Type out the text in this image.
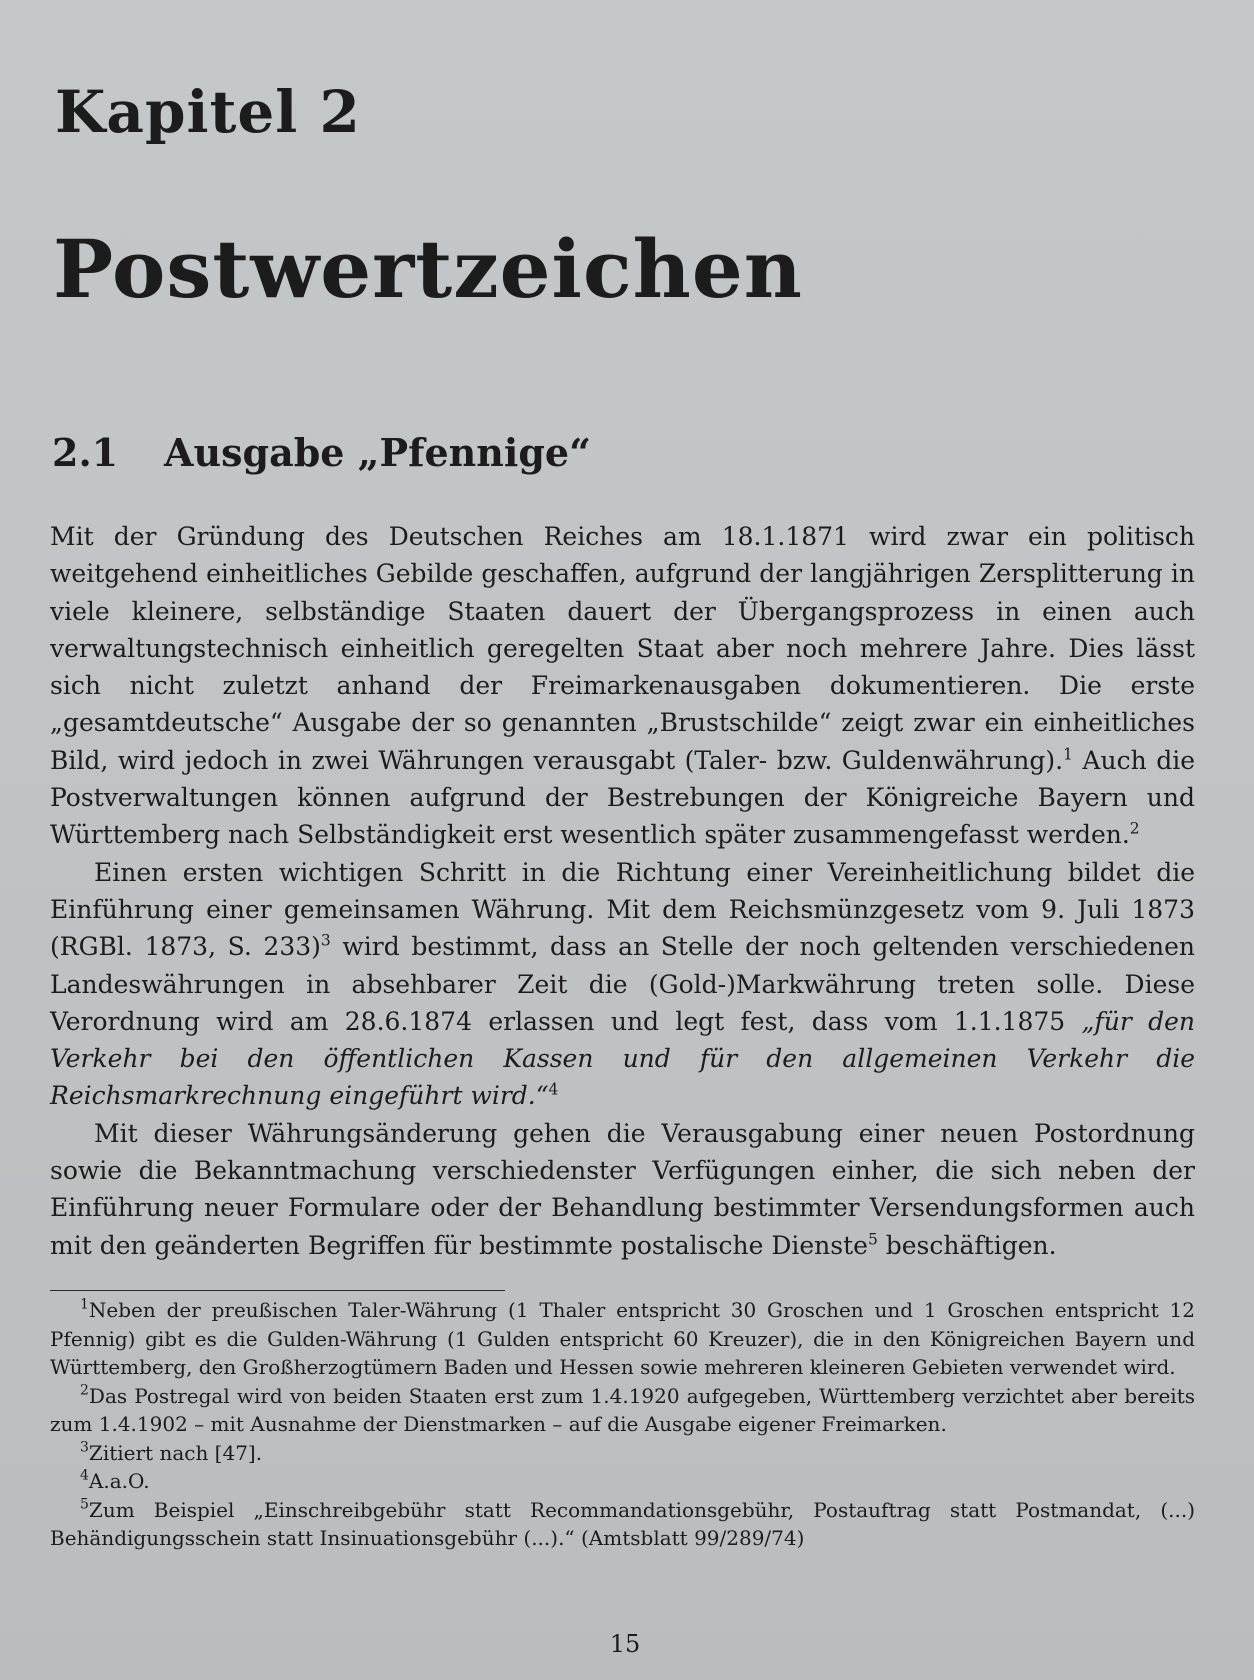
Kapitel 2
Postwertzeichen
2.1 Ausgabe „Pfennige“

Mit der Gründung des Deutschen Reiches am 18.1.1871 wird zwar ein politisch weitgehend einheitliches Gebilde geschaffen, aufgrund der langjährigen Zersplitterung in viele kleinere, selbständige Staaten dauert der Übergangsprozess in einen auch verwaltungstechnisch einheitlich geregelten Staat aber noch mehrere Jahre. Dies lässt sich nicht zuletzt anhand der Freimarkenausgaben dokumentieren. Die erste „gesamtdeutsche“ Ausgabe der so genannten „Brustschilde“ zeigt zwar ein einheitliches Bild, wird jedoch in zwei Währungen verausgabt (Taler- bzw. Guldenwährung).$^1$ Auch die Postverwaltungen können aufgrund der Bestrebungen der Königreiche Bayern und Württemberg nach Selbständigkeit erst wesentlich später zusammengefasst werden.$^2$

Einen ersten wichtigen Schritt in die Richtung einer Vereinheitlichung bildet die Einführung einer gemeinsamen Währung. Mit dem Reichsmünzgesetz vom 9. Juli 1873 (RGBl. 1873, S. 233)$^3$ wird bestimmt, dass an Stelle der noch geltenden verschiedenen Landeswährungen in absehbarer Zeit die (Gold-)Markwährung treten solle. Diese Verordnung wird am 28.6.1874 erlassen und legt fest, dass vom 1.1.1875 „für den Verkehr bei den öffentlichen Kassen und für den allgemeinen Verkehr die Reichsmarkrechnung eingeführt wird.“$^4$

Mit dieser Währungsänderung gehen die Verausgabung einer neuen Postordnung sowie die Bekanntmachung verschiedenster Verfügungen einher, die sich neben der Einführung neuer Formulare oder der Behandlung bestimmter Versendungsformen auch mit den geänderten Begriffen für bestimmte postalische Dienste$^5$ beschäftigen.

$^1$Neben der preußischen Taler-Währung (1 Thaler entspricht 30 Groschen und 1 Groschen entspricht 12 Pfennig) gibt es die Gulden-Währung (1 Gulden entspricht 60 Kreuzer), die in den Königreichen Bayern und Württemberg, den Großherzogtümern Baden und Hessen sowie mehreren kleineren Gebieten verwendet wird.

$^2$Das Postregal wird von beiden Staaten erst zum 1.4.1920 aufgegeben, Württemberg verzichtet aber bereits zum 1.4.1902 – mit Ausnahme der Dienstmarken – auf die Ausgabe eigener Freimarken.

$^3$Zitiert nach [47].

$^4$A.a.O.

$^5$Zum Beispiel „Einschreibgebühr statt Recommandationsgebühr, Postauftrag statt Postmandat, (...) Behändigungsschein statt Insinuationsgebühr (...).“ (Amtsblatt 99/289/74)

15
